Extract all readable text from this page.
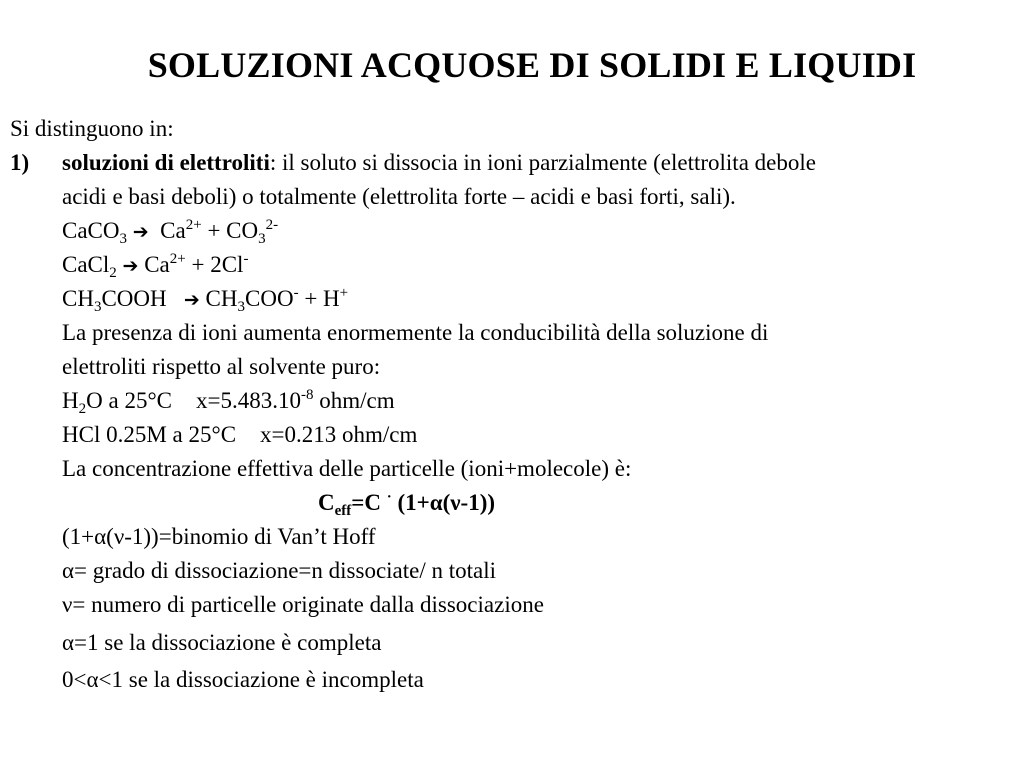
SOLUZIONI ACQUOSE DI SOLIDI E LIQUIDI
Si distinguono in:
1) soluzioni di elettroliti: il soluto si dissocia in ioni parzialmente (elettrolita debole
acidi e basi deboli) o totalmente (elettrolita forte – acidi e basi forti, sali).
CaCO$_3$ ➔ $Ca^{2+} + CO_3^{2-}$
CaCl$_2$ ➔ $Ca^{2+} + 2Cl^-$
$CH_3COOH$ ➔ $CH_3COO^- + H^+$
La presenza di ioni aumenta enormemente la conducibilità della soluzione di
elettroliti rispetto al solvente puro:
$H_2O$ a 25°C $x=5.483.10^{-8}$ ohm/cm
HCl 0.25M a 25°C x=0.213 ohm/cm
La concentrazione effettiva delle particelle (ioni+molecole) è:
$C_{eff}=C$ · (1+α(ν-1))
(1+α(ν-1))=binomio di Van’t Hoff
α= grado di dissociazione=n dissociate/ n totali
ν= numero di particelle originate dalla dissociazione
α=1 se la dissociazione è completa
0<α<1 se la dissociazione è incompleta
